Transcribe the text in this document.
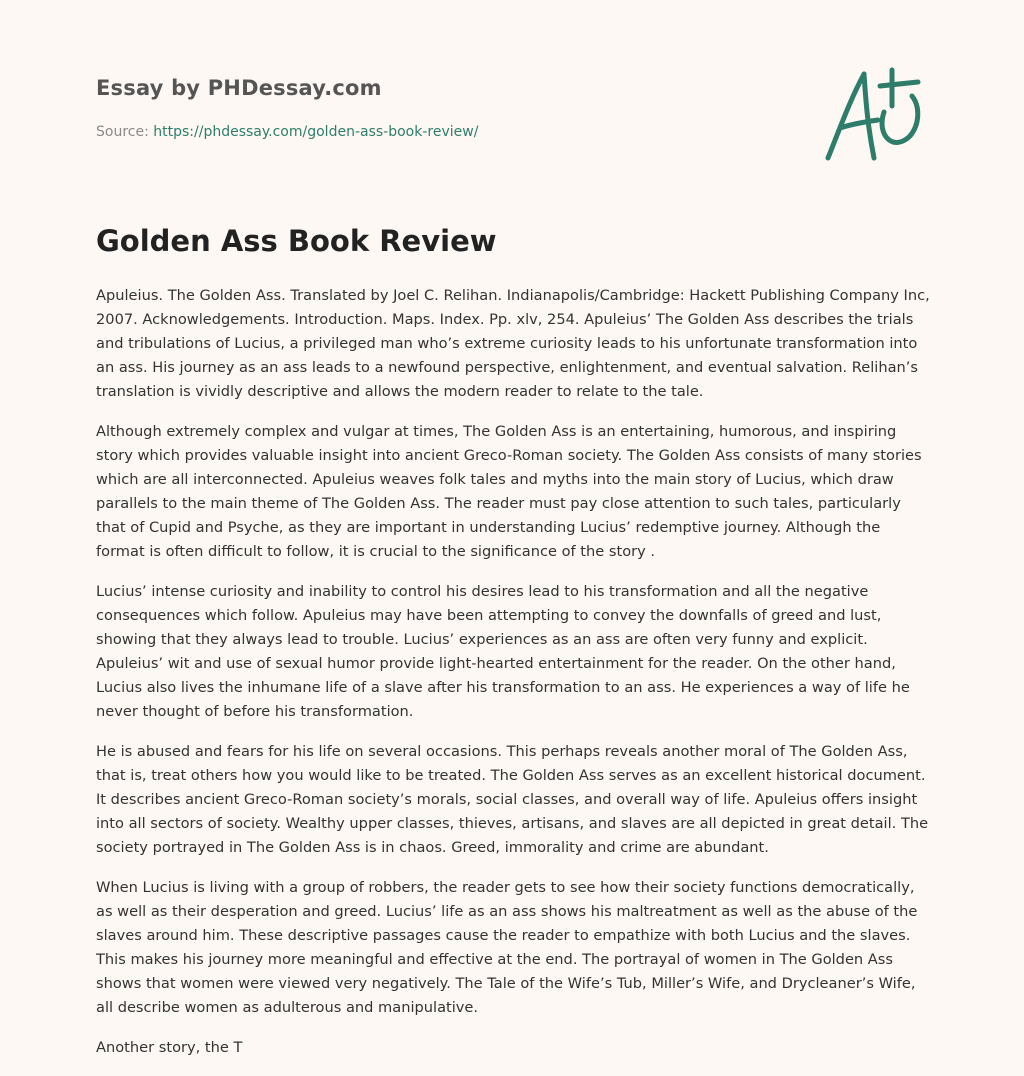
Essay by PHDessay.com
Source: https://phdessay.com/golden-ass-book-review/
Golden Ass Book Review

Apuleius. The Golden Ass. Translated by Joel C. Relihan. Indianapolis/Cambridge: Hackett Publishing Company Inc, 2007. Acknowledgements. Introduction. Maps. Index. Pp. xlv, 254. Apuleius’ The Golden Ass describes the trials and tribulations of Lucius, a privileged man who’s extreme curiosity leads to his unfortunate transformation into an ass. His journey as an ass leads to a newfound perspective, enlightenment, and eventual salvation. Relihan’s translation is vividly descriptive and allows the modern reader to relate to the tale.

Although extremely complex and vulgar at times, The Golden Ass is an entertaining, humorous, and inspiring story which provides valuable insight into ancient Greco-Roman society. The Golden Ass consists of many stories which are all interconnected. Apuleius weaves folk tales and myths into the main story of Lucius, which draw parallels to the main theme of The Golden Ass. The reader must pay close attention to such tales, particularly that of Cupid and Psyche, as they are important in understanding Lucius’ redemptive journey. Although the format is often difficult to follow, it is crucial to the significance of the story .

Lucius’ intense curiosity and inability to control his desires lead to his transformation and all the negative consequences which follow. Apuleius may have been attempting to convey the downfalls of greed and lust, showing that they always lead to trouble. Lucius’ experiences as an ass are often very funny and explicit. Apuleius’ wit and use of sexual humor provide light-hearted entertainment for the reader. On the other hand, Lucius also lives the inhumane life of a slave after his transformation to an ass. He experiences a way of life he never thought of before his transformation.

He is abused and fears for his life on several occasions. This perhaps reveals another moral of The Golden Ass, that is, treat others how you would like to be treated. The Golden Ass serves as an excellent historical document. It describes ancient Greco-Roman society’s morals, social classes, and overall way of life. Apuleius offers insight into all sectors of society. Wealthy upper classes, thieves, artisans, and slaves are all depicted in great detail. The society portrayed in The Golden Ass is in chaos. Greed, immorality and crime are abundant.

When Lucius is living with a group of robbers, the reader gets to see how their society functions democratically, as well as their desperation and greed. Lucius’ life as an ass shows his maltreatment as well as the abuse of the slaves around him. These descriptive passages cause the reader to empathize with both Lucius and the slaves. This makes his journey more meaningful and effective at the end. The portrayal of women in The Golden Ass shows that women were viewed very negatively. The Tale of the Wife’s Tub, Miller’s Wife, and Drycleaner’s Wife, all describe women as adulterous and manipulative.

Another story, the T
